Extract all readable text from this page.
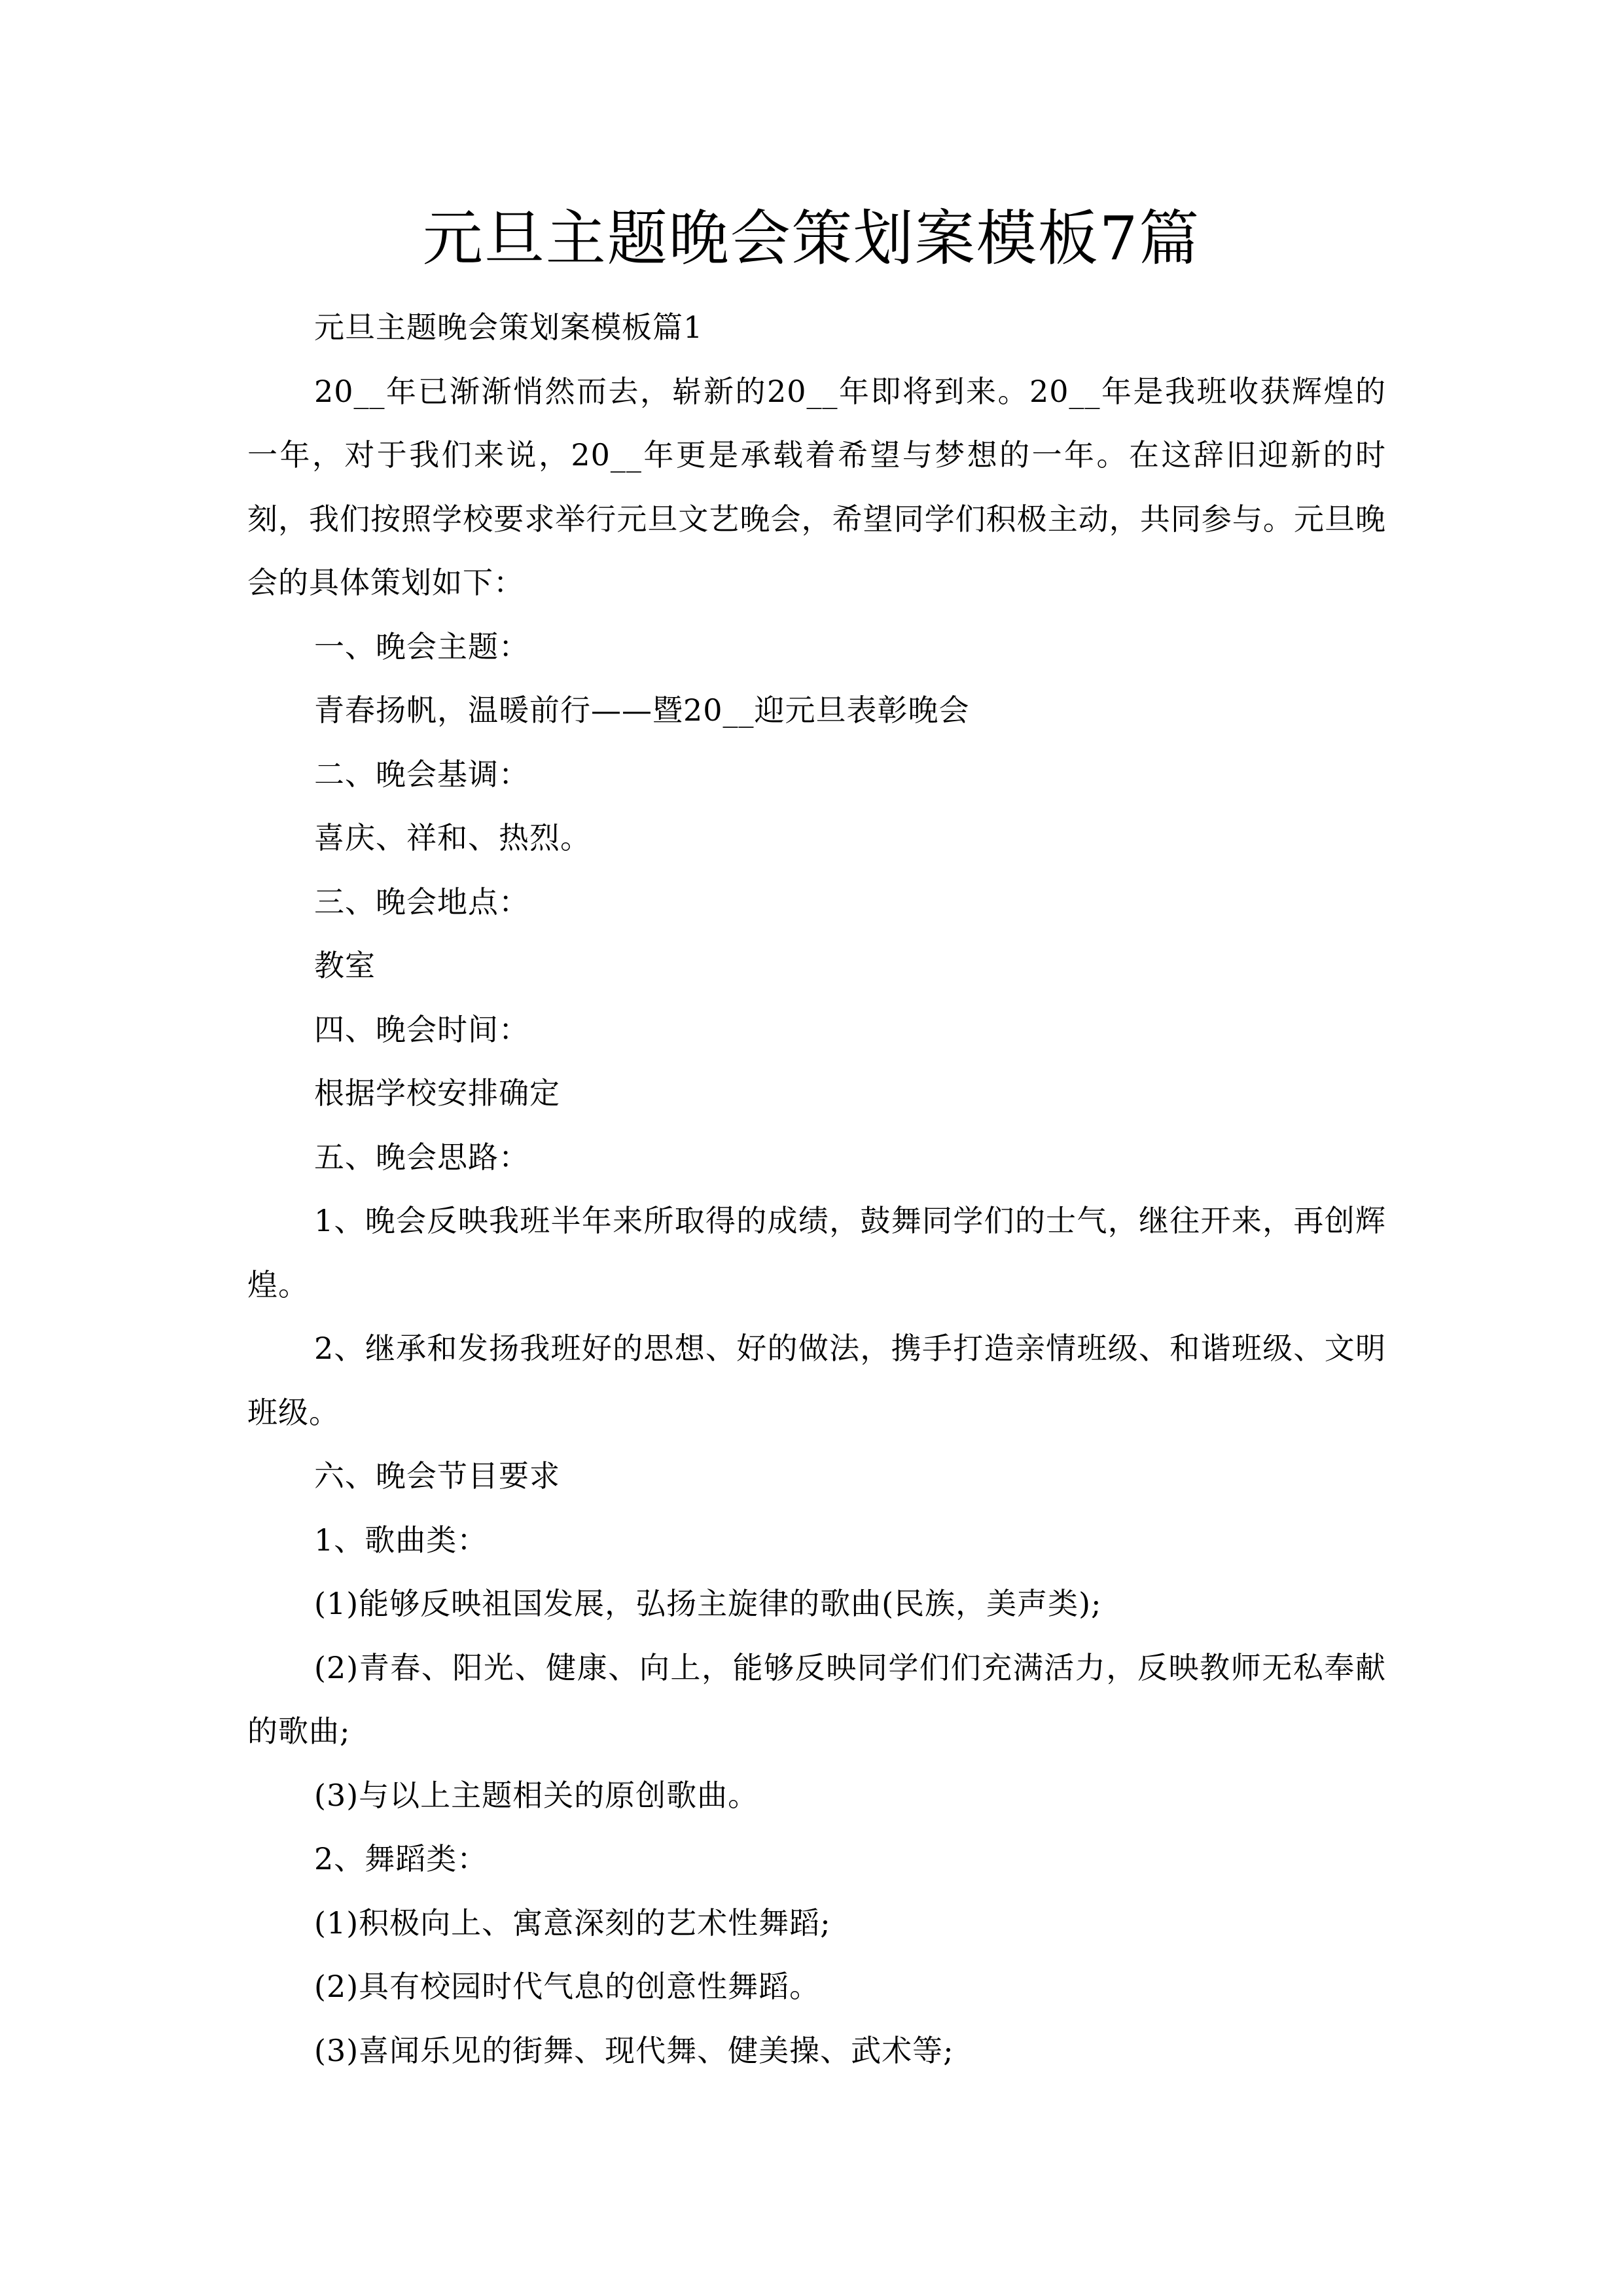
元旦主题晚会策划案模板7篇

元旦主题晚会策划案模板篇1

20__年已渐渐悄然而去，崭新的20__年即将到来。20__年是我班收获辉煌的一年，对于我们来说，20__年更是承载着希望与梦想的一年。在这辞旧迎新的时刻，我们按照学校要求举行元旦文艺晚会，希望同学们积极主动，共同参与。元旦晚会的具体策划如下：

一、晚会主题：

青春扬帆，温暖前行——暨20__迎元旦表彰晚会

二、晚会基调：

喜庆、祥和、热烈。

三、晚会地点：

教室

四、晚会时间：

根据学校安排确定

五、晚会思路：

1、晚会反映我班半年来所取得的成绩，鼓舞同学们的士气，继往开来，再创辉煌。

2、继承和发扬我班好的思想、好的做法，携手打造亲情班级、和谐班级、文明班级。

六、晚会节目要求

1、歌曲类：

(1)能够反映祖国发展，弘扬主旋律的歌曲(民族，美声类);

(2)青春、阳光、健康、向上，能够反映同学们们充满活力，反映教师无私奉献的歌曲;

(3)与以上主题相关的原创歌曲。

2、舞蹈类：

(1)积极向上、寓意深刻的艺术性舞蹈;

(2)具有校园时代气息的创意性舞蹈。

(3)喜闻乐见的街舞、现代舞、健美操、武术等;
